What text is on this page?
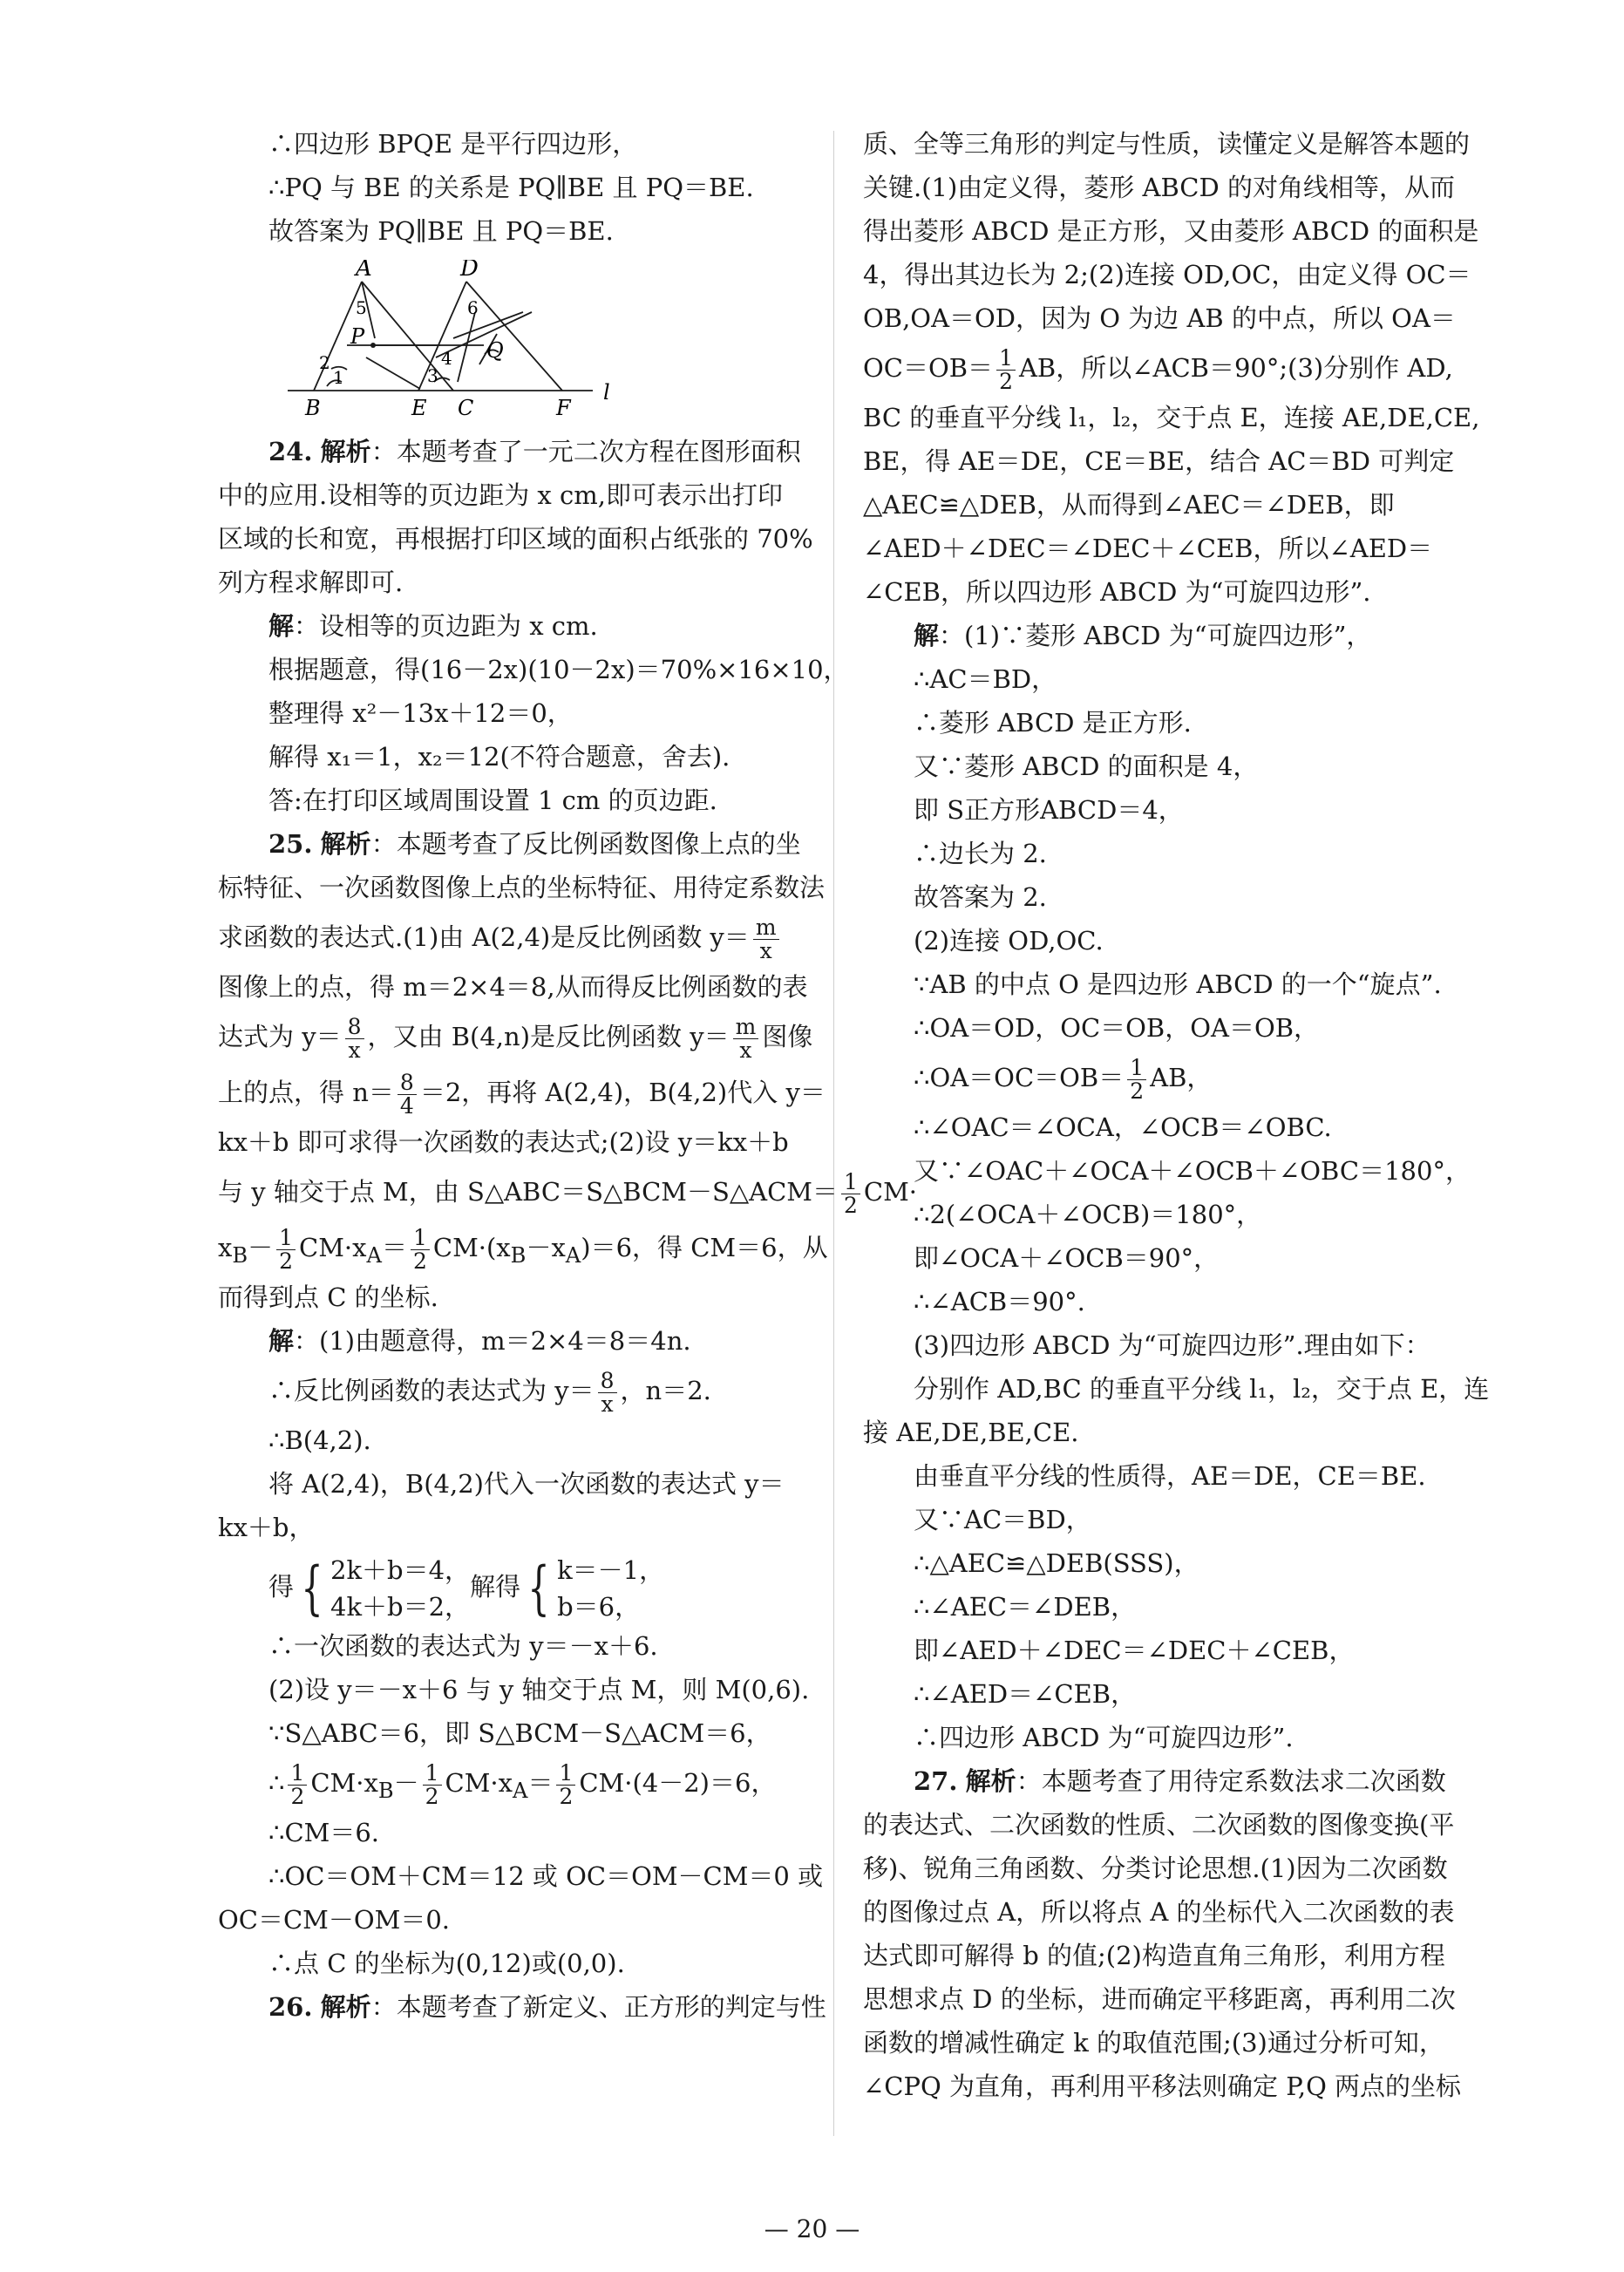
∴四边形 BPQE 是平行四边形，
∴PQ 与 BE 的关系是 PQ∥BE 且 PQ＝BE.
故答案为 PQ∥BE 且 PQ＝BE.
A	D
P
Q
B	E C	F
l
1
2
3
4
5	6
24. 解析：本题考查了一元二次方程在图形面积
中的应用.设相等的页边距为 x cm,即可表示出打印
区域的长和宽，再根据打印区域的面积占纸张的 70%
列方程求解即可.
解：设相等的页边距为 x cm.
根据题意，得(16－2x)(10－2x)＝70%×16×10，
整理得 x²－13x＋12＝0，
解得 x₁＝1，x₂＝12(不符合题意，舍去).
答:在打印区域周围设置 1 cm 的页边距.
25. 解析：本题考查了反比例函数图像上点的坐
标特征、一次函数图像上点的坐标特征、用待定系数法
求函数的表达式.(1)由 A(2,4)是反比例函数 $y= \frac{m}{x}$
图像上的点，得 m＝2×4＝8,从而得反比例函数的表
达式为 $y= \frac{8}{x}$ ，又由 B(4,n)是反比例函数 $y= \frac{m}{x}$ 图像
上的点，得 $n= \frac{8}{4} =2$，再将 A(2,4)，B(4,2)代入 y＝
kx＋b 即可求得一次函数的表达式;(2)设 y＝kx＋b
与 y 轴交于点 M，由 S△ABC＝S△BCM－S△ACM＝ $\frac{1}{2} CM\cdot$
$x_B- \frac{1}{2} CM\cdot x_A= \frac{1}{2} CM\cdot(x_B-x_A)=6$，得 CM＝6，从
而得到点 C 的坐标.
解：(1)由题意得，m＝2×4＝8＝4n.
∴反比例函数的表达式为 $y= \frac{8}{x}$ ，n＝2.
∴B(4,2).
将 A(2,4)，B(4,2)代入一次函数的表达式 y＝
kx＋b，
得 { 2k＋b＝4，
4k＋b＝2，
解得 { k＝－1，
b＝6，
∴一次函数的表达式为 y＝－x＋6.
(2)设 y＝－x＋6 与 y 轴交于点 M，则 M(0,6).
∵S△ABC＝6，即 S△BCM－S△ACM＝6，
∴ $\frac{1}{2} CM\cdot x_B- \frac{1}{2} CM\cdot x_A= \frac{1}{2} CM\cdot(4-2)=6$，
∴CM＝6.
∴OC＝OM＋CM＝12 或 OC＝OM－CM＝0 或
OC＝CM－OM＝0.
∴点 C 的坐标为(0,12)或(0,0).
26. 解析：本题考查了新定义、正方形的判定与性
质、全等三角形的判定与性质，读懂定义是解答本题的
关键.(1)由定义得，菱形 ABCD 的对角线相等，从而
得出菱形 ABCD 是正方形，又由菱形 ABCD 的面积是
4，得出其边长为 2;(2)连接 OD,OC，由定义得 OC＝
OB,OA＝OD，因为 O 为边 AB 的中点，所以 OA＝
$OC=OB= \frac{1}{2}$ AB，所以∠ACB＝90°;(3)分别作 AD,
BC 的垂直平分线 l₁，l₂，交于点 E，连接 AE,DE,CE,
BE，得 AE＝DE，CE＝BE，结合 AC＝BD 可判定
△AEC≌△DEB，从而得到∠AEC＝∠DEB，即
∠AED＋∠DEC＝∠DEC＋∠CEB，所以∠AED＝
∠CEB，所以四边形 ABCD 为“可旋四边形”.
解：(1)∵菱形 ABCD 为“可旋四边形”，
∴AC＝BD，
∴菱形 ABCD 是正方形.
又∵菱形 ABCD 的面积是 4，
即 S正方形ABCD＝4，
∴边长为 2.
故答案为 2.
(2)连接 OD,OC.
∵AB 的中点 O 是四边形 ABCD 的一个“旋点”.
∴OA＝OD，OC＝OB，OA＝OB，
∴OA＝OC＝OB＝ $\frac{1}{2}$ AB，
∴∠OAC＝∠OCA，∠OCB＝∠OBC.
又∵∠OAC＋∠OCA＋∠OCB＋∠OBC＝180°，
∴2(∠OCA＋∠OCB)＝180°，
即∠OCA＋∠OCB＝90°，
∴∠ACB＝90°.
(3)四边形 ABCD 为“可旋四边形”.理由如下：
分别作 AD,BC 的垂直平分线 l₁，l₂，交于点 E，连
接 AE,DE,BE,CE.
由垂直平分线的性质得，AE＝DE，CE＝BE.
又∵AC＝BD，
∴△AEC≌△DEB(SSS)，
∴∠AEC＝∠DEB，
即∠AED＋∠DEC＝∠DEC＋∠CEB，
∴∠AED＝∠CEB，
∴四边形 ABCD 为“可旋四边形”.
27. 解析：本题考查了用待定系数法求二次函数
的表达式、二次函数的性质、二次函数的图像变换(平
移)、锐角三角函数、分类讨论思想.(1)因为二次函数
的图像过点 A，所以将点 A 的坐标代入二次函数的表
达式即可解得 b 的值;(2)构造直角三角形，利用方程
思想求点 D 的坐标，进而确定平移距离，再利用二次
函数的增减性确定 k 的取值范围;(3)通过分析可知，
∠CPQ 为直角，再利用平移法则确定 P,Q 两点的坐标
— 20 —
